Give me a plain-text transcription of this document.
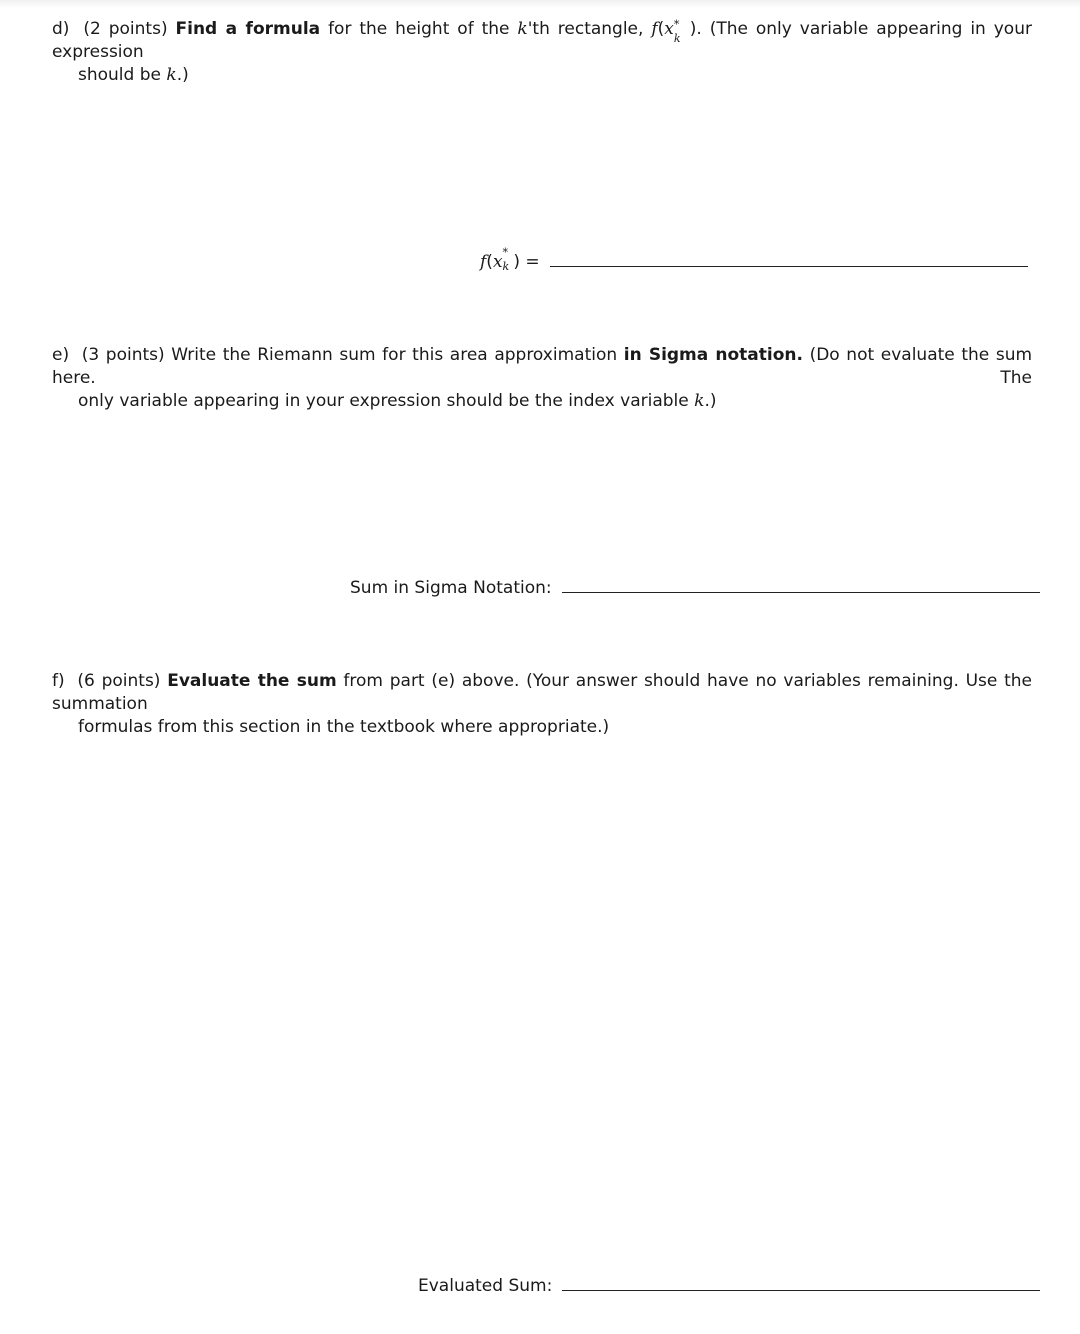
d) (2 points) Find a formula for the height of the k'th rectangle, f(x *
k ). (The only variable appearing in your expression
should be k.)
f(x *
k ) =
e) (3 points) Write the Riemann sum for this area approximation in Sigma notation. (Do not evaluate the sum here. The
only variable appearing in your expression should be the index variable k.)
Sum in Sigma Notation:
f) (6 points) Evaluate the sum from part (e) above. (Your answer should have no variables remaining. Use the summation
formulas from this section in the textbook where appropriate.)
Evaluated Sum:
